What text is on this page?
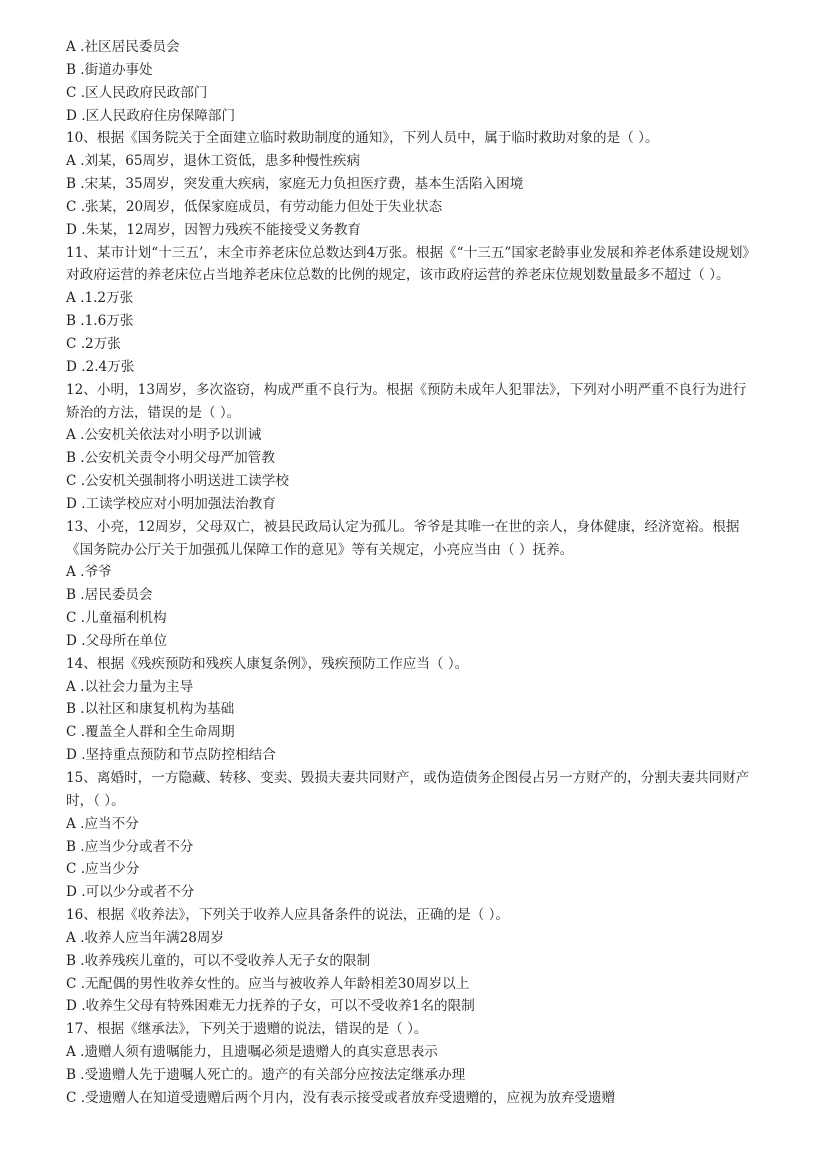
A .社区居民委员会
B .街道办事处
C .区人民政府民政部门
D .区人民政府住房保障部门
10、根据《国务院关于全面建立临时救助制度的通知》，下列人员中，属于临时救助对象的是（ ）。
A .刘某，65周岁，退休工资低，患多种慢性疾病
B .宋某，35周岁，突发重大疾病，家庭无力负担医疗费，基本生活陷入困境
C .张某，20周岁，低保家庭成员，有劳动能力但处于失业状态
D .朱某，12周岁，因智力残疾不能接受义务教育
11、某市计划“十三五’，末全市养老床位总数达到4万张。根据《“十三五”国家老龄事业发展和养老体系建设规划》
对政府运营的养老床位占当地养老床位总数的比例的规定，该市政府运营的养老床位规划数量最多不超过（ ）。
A .1.2万张
B .1.6万张
C .2万张
D .2.4万张
12、小明，13周岁，多次盗窃，构成严重不良行为。根据《预防未成年人犯罪法》，下列对小明严重不良行为进行
矫治的方法，错误的是（ ）。
A .公安机关依法对小明予以训诫
B .公安机关责令小明父母严加管教
C .公安机关强制将小明送进工读学校
D .工读学校应对小明加强法治教育
13、小亮，12周岁，父母双亡，被县民政局认定为孤儿。爷爷是其唯一在世的亲人，身体健康，经济宽裕。根据
《国务院办公厅关于加强孤儿保障工作的意见》等有关规定，小亮应当由（ ）抚养。
A .爷爷
B .居民委员会
C .儿童福利机构
D .父母所在单位
14、根据《残疾预防和残疾人康复条例》，残疾预防工作应当（ ）。
A .以社会力量为主导
B .以社区和康复机构为基础
C .覆盖全人群和全生命周期
D .坚持重点预防和节点防控相结合
15、离婚时，一方隐藏、转移、变卖、毁损夫妻共同财产，或伪造债务企图侵占另一方财产的，分割夫妻共同财产
时，（ ）。
A .应当不分
B .应当少分或者不分
C .应当少分
D .可以少分或者不分
16、根据《收养法》，下列关于收养人应具备条件的说法，正确的是（ ）。
A .收养人应当年满28周岁
B .收养残疾儿童的，可以不受收养人无子女的限制
C .无配偶的男性收养女性的。应当与被收养人年龄相差30周岁以上
D .收养生父母有特殊困难无力抚养的子女，可以不受收养1名的限制
17、根据《继承法》，下列关于遗赠的说法，错误的是（ ）。
A .遗赠人须有遗嘱能力，且遗嘱必须是遗赠人的真实意思表示
B .受遗赠人先于遗嘱人死亡的。遗产的有关部分应按法定继承办理
C .受遗赠人在知道受遗赠后两个月内，没有表示接受或者放弃受遗赠的，应视为放弃受遗赠
